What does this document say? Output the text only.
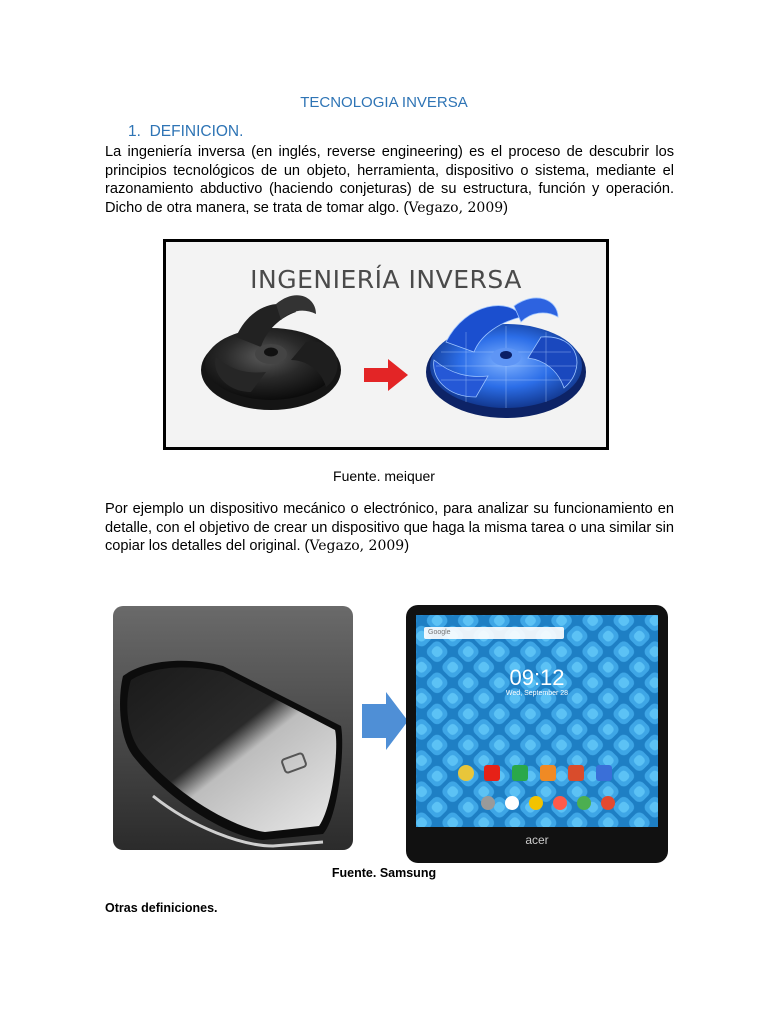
TECNOLOGIA INVERSA
1. DEFINICION.
La ingeniería inversa (en inglés, reverse engineering) es el proceso de descubrir los principios tecnológicos de un objeto, herramienta, dispositivo o sistema, mediante el razonamiento abductivo (haciendo conjeturas) de su estructura, función y operación. Dicho de otra manera, se trata de tomar algo. (Vegazo, 2009)
INGENIERÍA INVERSA
Fuente. meiquer
Por ejemplo un dispositivo mecánico o electrónico, para analizar su funcionamiento en detalle, con el objetivo de crear un dispositivo que haga la misma tarea o una similar sin copiar los detalles del original. (Vegazo, 2009)
Google
09:12
Wed, September 28
acer
Fuente. Samsung
Otras definiciones.
